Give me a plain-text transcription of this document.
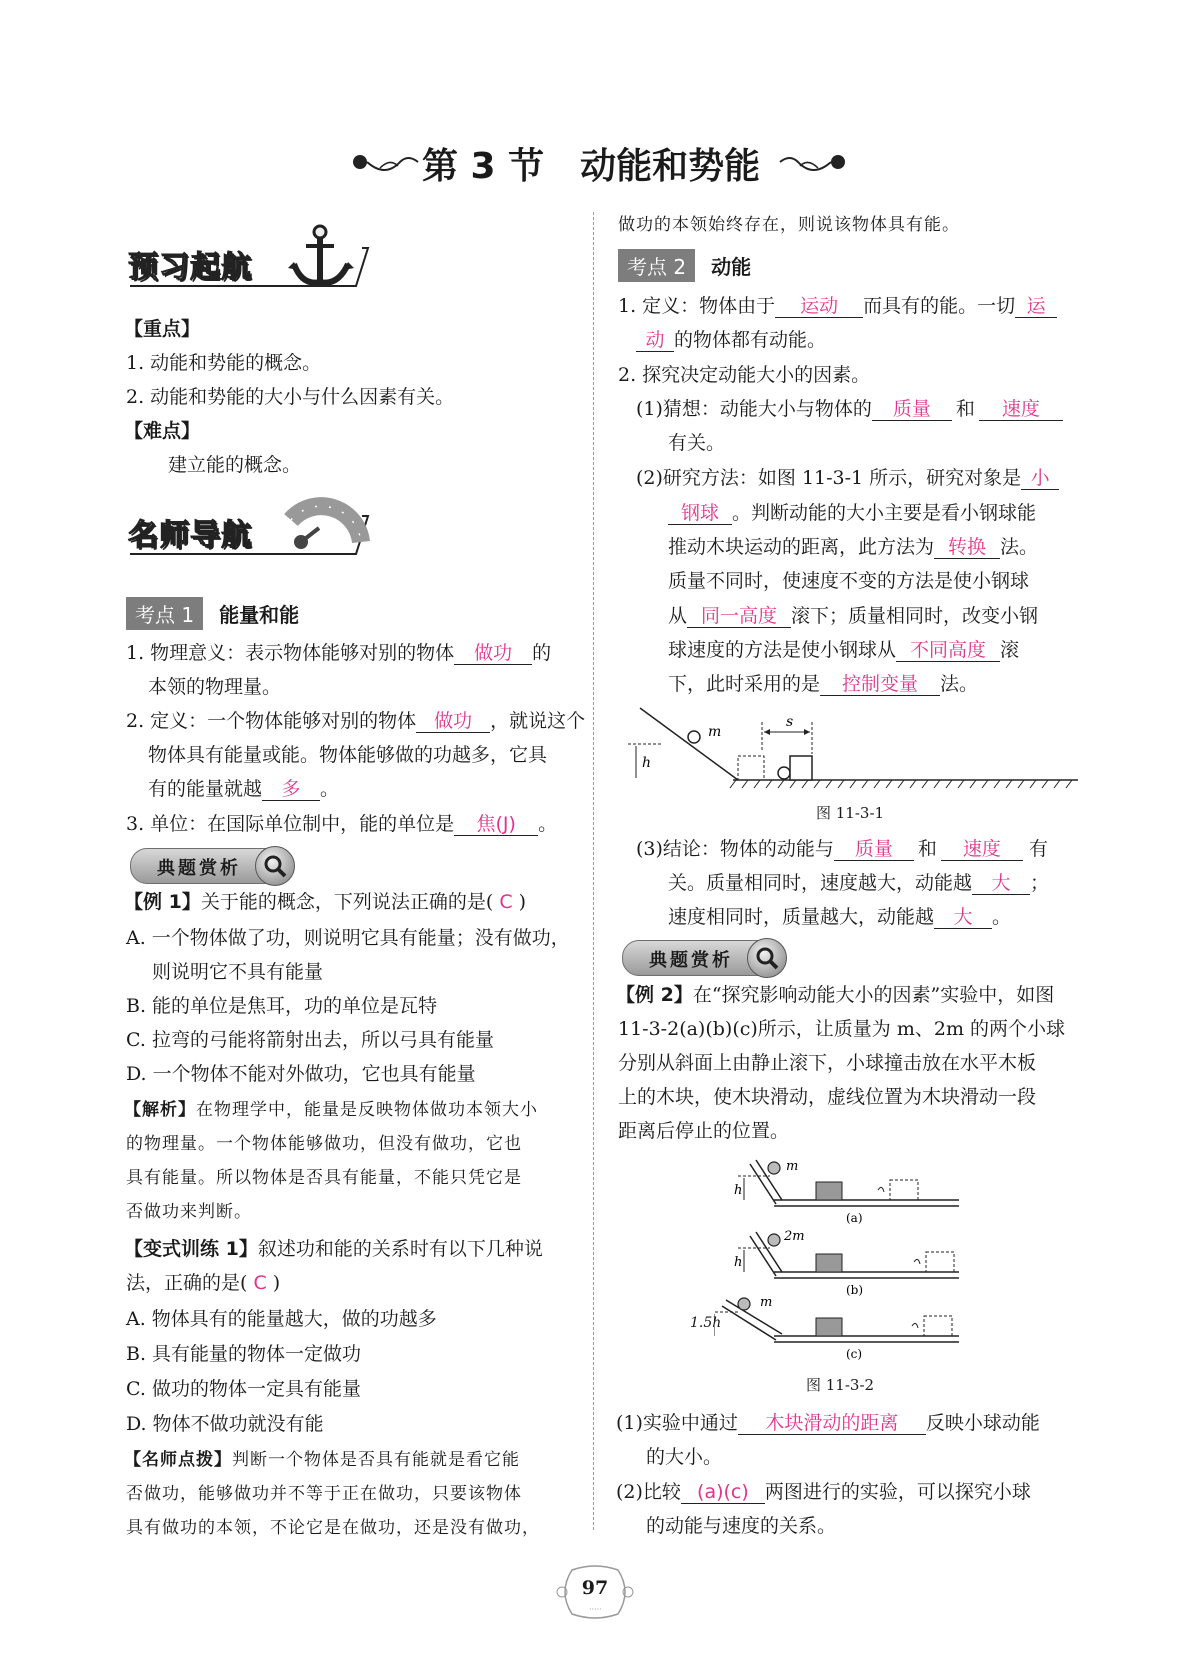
第 3 节　动能和势能
预习起航
【重点】
1. 动能和势能的概念。
2. 动能和势能的大小与什么因素有关。
【难点】
建立能的概念。
名师导航
考点 1 能量和能
1. 物理意义：表示物体能够对别的物体 做功 的
本领的物理量。
2. 定义：一个物体能够对别的物体 做功 ，就说这个
物体具有能量或能。物体能够做的功越多，它具
有的能量就越 多 。
3. 单位：在国际单位制中，能的单位是 焦(J) 。
典题赏析
【例 1】关于能的概念，下列说法正确的是( C )
A. 一个物体做了功，则说明它具有能量；没有做功，
则说明它不具有能量
B. 能的单位是焦耳，功的单位是瓦特
C. 拉弯的弓能将箭射出去，所以弓具有能量
D. 一个物体不能对外做功，它也具有能量
【解析】在物理学中，能量是反映物体做功本领大小
的物理量。一个物体能够做功，但没有做功，它也
具有能量。所以物体是否具有能量，不能只凭它是
否做功来判断。
【变式训练 1】叙述功和能的关系时有以下几种说
法，正确的是( C )
A. 物体具有的能量越大，做的功越多
B. 具有能量的物体一定做功
C. 做功的物体一定具有能量
D. 物体不做功就没有能
【名师点拨】判断一个物体是否具有能就是看它能
否做功，能够做功并不等于正在做功，只要该物体
具有做功的本领，不论它是在做功，还是没有做功，
做功的本领始终存在，则说该物体具有能。
考点 2 动能
1. 定义：物体由于 运动 而具有的能。一切 运
动 的物体都有动能。
2. 探究决定动能大小的因素。
(1)猜想：动能大小与物体的 质量 和 速度
有关。
(2)研究方法：如图 11-3-1 所示，研究对象是 小
钢球 。判断动能的大小主要是看小钢球能
推动木块运动的距离，此方法为 转换 法。
质量不同时，使速度不变的方法是使小钢球
从 同一高度 滚下；质量相同时，改变小钢
球速度的方法是使小钢球从 不同高度 滚
下，此时采用的是 控制变量 法。
m
h
s
图 11-3-1
(3)结论：物体的动能与 质量 和 速度 有
关。质量相同时，速度越大，动能越 大 ；
速度相同时，质量越大，动能越 大 。
典题赏析
【例 2】在“探究影响动能大小的因素”实验中，如图
11-3-2(a)(b)(c)所示，让质量为 m、2m 的两个小球
分别从斜面上由静止滚下，小球撞击放在水平木板
上的木块，使木块滑动，虚线位置为木块滑动一段
距离后停止的位置。
m
h
(a)
2m
h
(b)
m
(c)
1.5h
图 11-3-2
(1)实验中通过 木块滑动的距离 反映小球动能
的大小。
(2)比较 (a)(c) 两图进行的实验，可以探究小球
的动能与速度的关系。
·····
97
